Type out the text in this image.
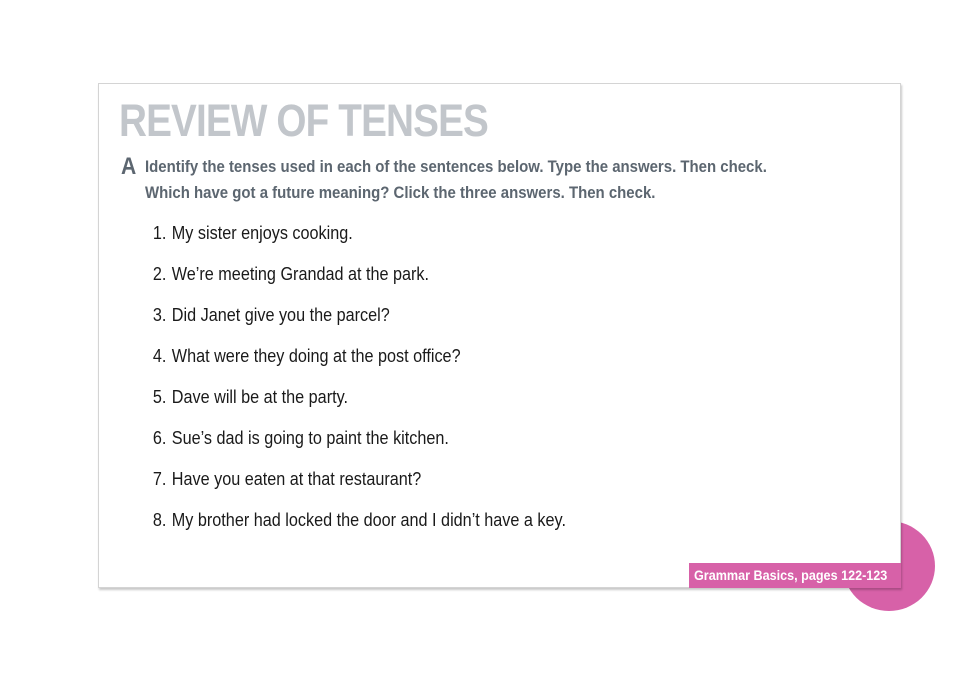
REVIEW OF TENSES
A Identify the tenses used in each of the sentences below. Type the answers. Then check.
Which have got a future meaning? Click the three answers. Then check.
1. My sister enjoys cooking.
2. We’re meeting Grandad at the park.
3. Did Janet give you the parcel?
4. What were they doing at the post office?
5. Dave will be at the party.
6. Sue’s dad is going to paint the kitchen.
7. Have you eaten at that restaurant?
8. My brother had locked the door and I didn’t have a key.
Grammar Basics, pages 122-123
